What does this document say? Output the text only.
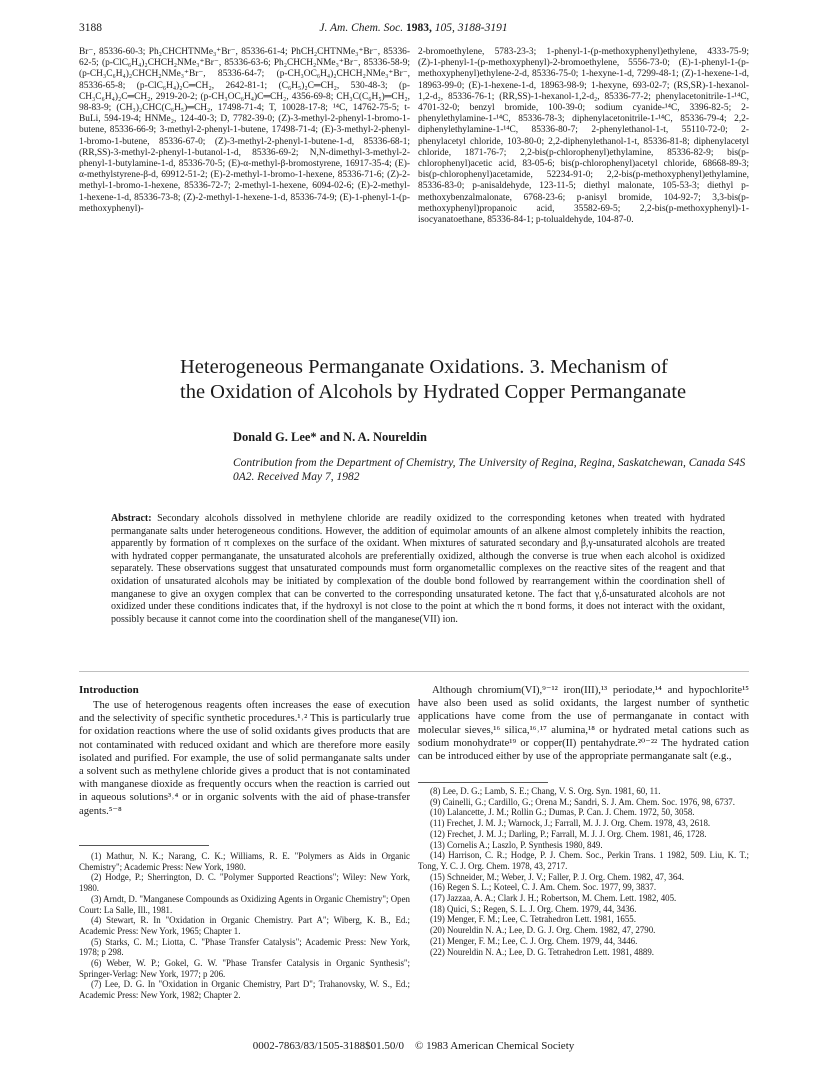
3188	J. Am. Chem. Soc. 1983, 105, 3188-3191
Br⁻, 85336-60-3; Ph₂CHCHTNMe₃⁺Br⁻, 85336-61-4; PhCH₂CHTNMe₃⁺Br⁻, 85336-62-5; (p-ClC₆H₄)₂CHCH₂NMe₃⁺Br⁻, 85336-63-6; Ph₂CHCH₂NMe₃⁺Br⁻, 85336-58-9; (p-CH₃C₆H₄)₂CHCH₂NMe₃⁺Br⁻, 85336-64-7; (p-CH₃OC₆H₄)₂CHCH₂NMe₃⁺Br⁻, 85336-65-8; (p-ClC₆H₄)₂C═CH₂, 2642-81-1; (C₆H₅)₂C═CH₂, 530-48-3; (p-CH₃C₆H₄)₂C═CH₂, 2919-20-2; (p-CH₃OC₆H₄)C═CH₂, 4356-69-8; CH₃C(C₆H₅)═CH₂, 98-83-9; (CH₃)₂CHC(C₆H₅)═CH₂, 17498-71-4; T, 10028-17-8; ¹⁴C, 14762-75-5; t-BuLi, 594-19-4; HNMe₂, 124-40-3; D, 7782-39-0; (Z)-3-methyl-2-phenyl-1-bromo-1-butene, 85336-66-9; 3-methyl-2-phenyl-1-butene, 17498-71-4; (E)-3-methyl-2-phenyl-1-bromo-1-butene, 85336-67-0; (Z)-3-methyl-2-phenyl-1-butene-1-d, 85336-68-1; (RR,SS)-3-methyl-2-phenyl-1-butanol-1-d, 85336-69-2; N,N-dimethyl-3-methyl-2-phenyl-1-butylamine-1-d, 85336-70-5; (E)-α-methyl-β-bromostyrene, 16917-35-4; (E)-α-methylstyrene-β-d, 69912-51-2; (E)-2-methyl-1-bromo-1-hexene, 85336-71-6; (Z)-2-methyl-1-bromo-1-hexene, 85336-72-7; 2-methyl-1-hexene, 6094-02-6; (E)-2-methyl-1-hexene-1-d, 85336-73-8; (Z)-2-methyl-1-hexene-1-d, 85336-74-9; (E)-1-phenyl-1-(p-methoxyphenyl)-
2-bromoethylene, 5783-23-3; 1-phenyl-1-(p-methoxyphenyl)ethylene, 4333-75-9; (Z)-1-phenyl-1-(p-methoxyphenyl)-2-bromoethylene, 5556-73-0; (E)-1-phenyl-1-(p-methoxyphenyl)ethylene-2-d, 85336-75-0; 1-hexyne-1-d, 7299-48-1; (Z)-1-hexene-1-d, 18963-99-0; (E)-1-hexene-1-d, 18963-98-9; 1-hexyne, 693-02-7; (RS,SR)-1-hexanol-1,2-d₂, 85336-76-1; (RR,SS)-1-hexanol-1,2-d₂, 85336-77-2; phenylacetonitrile-1-¹⁴C, 4701-32-0; benzyl bromide, 100-39-0; sodium cyanide-¹⁴C, 3396-82-5; 2-phenylethylamine-1-¹⁴C, 85336-78-3; diphenylacetonitrile-1-¹⁴C, 85336-79-4; 2,2-diphenylethylamine-1-¹⁴C, 85336-80-7; 2-phenylethanol-1-t, 55110-72-0; 2-phenylacetyl chloride, 103-80-0; 2,2-diphenylethanol-1-t, 85336-81-8; diphenylacetyl chloride, 1871-76-7; 2,2-bis(p-chlorophenyl)ethylamine, 85336-82-9; bis(p-chlorophenyl)acetic acid, 83-05-6; bis(p-chlorophenyl)acetyl chloride, 68668-89-3; bis(p-chlorophenyl)acetamide, 52234-91-0; 2,2-bis(p-methoxyphenyl)ethylamine, 85336-83-0; p-anisaldehyde, 123-11-5; diethyl malonate, 105-53-3; diethyl p-methoxybenzalmalonate, 6768-23-6; p-anisyl bromide, 104-92-7; 3,3-bis(p-methoxyphenyl)propanoic acid, 35582-69-5; 2,2-bis(p-methoxyphenyl)-1-isocyanatoethane, 85336-84-1; p-tolualdehyde, 104-87-0.
Heterogeneous Permanganate Oxidations. 3. Mechanism of
the Oxidation of Alcohols by Hydrated Copper Permanganate
Donald G. Lee* and N. A. Noureldin
Contribution from the Department of Chemistry, The University of Regina, Regina, Saskatchewan, Canada S4S 0A2. Received May 7, 1982
Abstract: Secondary alcohols dissolved in methylene chloride are readily oxidized to the corresponding ketones when treated with hydrated permanganate salts under heterogeneous conditions. However, the addition of equimolar amounts of an alkene almost completely inhibits the reaction, apparently by formation of π complexes on the surface of the oxidant. When mixtures of saturated secondary and β,γ-unsaturated alcohols are treated with hydrated copper permanganate, the unsaturated alcohols are preferentially oxidized, although the converse is true when each alcohol is oxidized separately. These observations suggest that unsaturated compounds must form organometallic complexes on the reactive sites of the reagent and that oxidation of unsaturated alcohols may be initiated by complexation of the double bond followed by rearrangement within the coordination shell of manganese to give an oxygen complex that can be converted to the corresponding unsaturated ketone. The fact that γ,δ-unsaturated alcohols are not oxidized under these conditions indicates that, if the hydroxyl is not close to the point at which the π bond forms, it does not interact with the oxidant, possibly because it cannot come into the coordination shell of the manganese(VII) ion.
Introduction
The use of heterogenous reagents often increases the ease of execution and the selectivity of specific synthetic procedures.¹˒² This is particularly true for oxidation reactions where the use of solid oxidants gives products that are not contaminated with reduced oxidant and which are therefore more easily isolated and purified. For example, the use of solid permanganate salts under a solvent such as methylene chloride gives a product that is not contaminated with manganese dioxide as frequently occurs when the reaction is carried out in aqueous solutions³˒⁴ or in organic solvents with the aid of phase-transfer agents.⁵⁻⁸
Although chromium(VI),⁹⁻¹² iron(III),¹³ periodate,¹⁴ and hypochlorite¹⁵ have also been used as solid oxidants, the largest number of synthetic applications have come from the use of permanganate in contact with molecular sieves,¹⁶ silica,¹⁶˒¹⁷ alumina,¹⁸ or hydrated metal cations such as sodium monohydrate¹⁹ or copper(II) pentahydrate.²⁰⁻²² The hydrated cation can be introduced either by use of the appropriate permanganate salt (e.g.,

(1) Mathur, N. K.; Narang, C. K.; Williams, R. E. "Polymers as Aids in Organic Chemistry"; Academic Press: New York, 1980.

(2) Hodge, P.; Sherrington, D. C. "Polymer Supported Reactions"; Wiley: New York, 1980.

(3) Arndt, D. "Manganese Compounds as Oxidizing Agents in Organic Chemistry"; Open Court: La Salle, Ill., 1981.

(4) Stewart, R. In "Oxidation in Organic Chemistry. Part A"; Wiberg, K. B., Ed.; Academic Press: New York, 1965; Chapter 1.

(5) Starks, C. M.; Liotta, C. "Phase Transfer Catalysis"; Academic Press: New York, 1978; p 298.

(6) Weber, W. P.; Gokel, G. W. "Phase Transfer Catalysis in Organic Synthesis"; Springer-Verlag: New York, 1977; p 206.

(7) Lee, D. G. In "Oxidation in Organic Chemistry, Part D"; Trahanovsky, W. S., Ed.; Academic Press: New York, 1982; Chapter 2.

(8) Lee, D. G.; Lamb, S. E.; Chang, V. S. Org. Syn. 1981, 60, 11.

(9) Cainelli, G.; Cardillo, G.; Orena M.; Sandri, S. J. Am. Chem. Soc. 1976, 98, 6737.

(10) Lalancette, J. M.; Rollin G.; Dumas, P. Can. J. Chem. 1972, 50, 3058.

(11) Frechet, J. M. J.; Warnock, J.; Farrall, M. J. J. Org. Chem. 1978, 43, 2618.

(12) Frechet, J. M. J.; Darling, P.; Farrall, M. J. J. Org. Chem. 1981, 46, 1728.

(13) Cornelis A.; Laszlo, P. Synthesis 1980, 849.

(14) Harrison, C. R.; Hodge, P. J. Chem. Soc., Perkin Trans. 1 1982, 509. Liu, K. T.; Tong, Y. C. J. Org. Chem. 1978, 43, 2717.

(15) Schneider, M.; Weber, J. V.; Faller, P. J. Org. Chem. 1982, 47, 364.

(16) Regen S. L.; Koteel, C. J. Am. Chem. Soc. 1977, 99, 3837.

(17) Jazzaa, A. A.; Clark J. H.; Robertson, M. Chem. Lett. 1982, 405.

(18) Quici, S.; Regen, S. L. J. Org. Chem. 1979, 44, 3436.

(19) Menger, F. M.; Lee, C. Tetrahedron Lett. 1981, 1655.

(20) Noureldin N. A.; Lee, D. G. J. Org. Chem. 1982, 47, 2790.

(21) Menger, F. M.; Lee, C. J. Org. Chem. 1979, 44, 3446.

(22) Noureldin N. A.; Lee, D. G. Tetrahedron Lett. 1981, 4889.

0002-7863/83/1505-3188$01.50/0 © 1983 American Chemical Society
